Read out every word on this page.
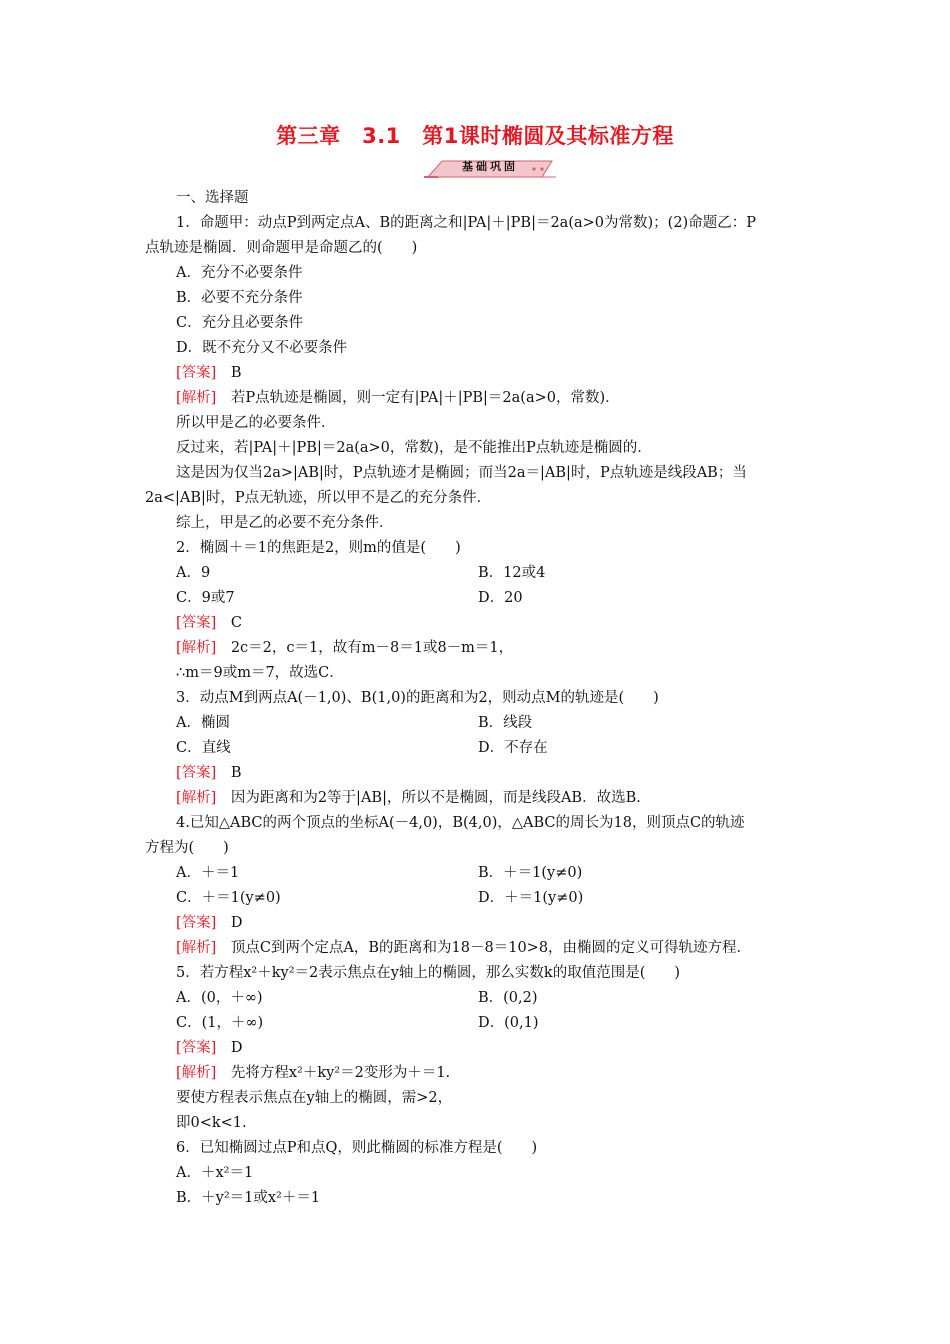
第三章　3.1　第1课时椭圆及其标准方程
基础巩固
一、选择题
1．命题甲：动点P到两定点A、B的距离之和|PA|＋|PB|＝2a(a>0为常数)；(2)命题乙：P
点轨迹是椭圆．则命题甲是命题乙的(　　)
A．充分不必要条件
B．必要不充分条件
C．充分且必要条件
D．既不充分又不必要条件
[答案]　B
[解析]　若P点轨迹是椭圆，则一定有|PA|＋|PB|＝2a(a>0，常数)．
所以甲是乙的必要条件．
反过来，若|PA|＋|PB|＝2a(a>0，常数)，是不能推出P点轨迹是椭圆的．
这是因为仅当2a>|AB|时，P点轨迹才是椭圆；而当2a＝|AB|时，P点轨迹是线段AB；当
2a<|AB|时，P点无轨迹，所以甲不是乙的充分条件．
综上，甲是乙的必要不充分条件．
2．椭圆＋＝1的焦距是2，则m的值是(　　)
A．9	B．12或4
C．9或7	D．20
[答案]　C
[解析]　2c＝2，c＝1，故有m－8＝1或8－m＝1，
∴m＝9或m＝7，故选C．
3．动点M到两点A(－1,0)、B(1,0)的距离和为2，则动点M的轨迹是(　　)
A．椭圆	B．线段
C．直线	D．不存在
[答案]　B
[解析]　因为距离和为2等于|AB|，所以不是椭圆，而是线段AB．故选B．
4.已知△ABC的两个顶点的坐标A(－4,0)，B(4,0)，△ABC的周长为18，则顶点C的轨迹
方程为(　　)
A．＋＝1	B．＋＝1(y≠0)
C．＋＝1(y≠0)	D．＋＝1(y≠0)
[答案]　D
[解析]　顶点C到两个定点A，B的距离和为18－8＝10>8，由椭圆的定义可得轨迹方程．
5．若方程x²＋ky²＝2表示焦点在y轴上的椭圆，那么实数k的取值范围是(　　)
A．(0，＋∞)	B．(0,2)
C．(1，＋∞)	D．(0,1)
[答案]　D
[解析]　先将方程x²＋ky²＝2变形为＋＝1.
要使方程表示焦点在y轴上的椭圆，需>2，
即0<k<1.
6．已知椭圆过点P和点Q，则此椭圆的标准方程是(　　)
A．＋x²＝1
B．＋y²＝1或x²＋＝1
